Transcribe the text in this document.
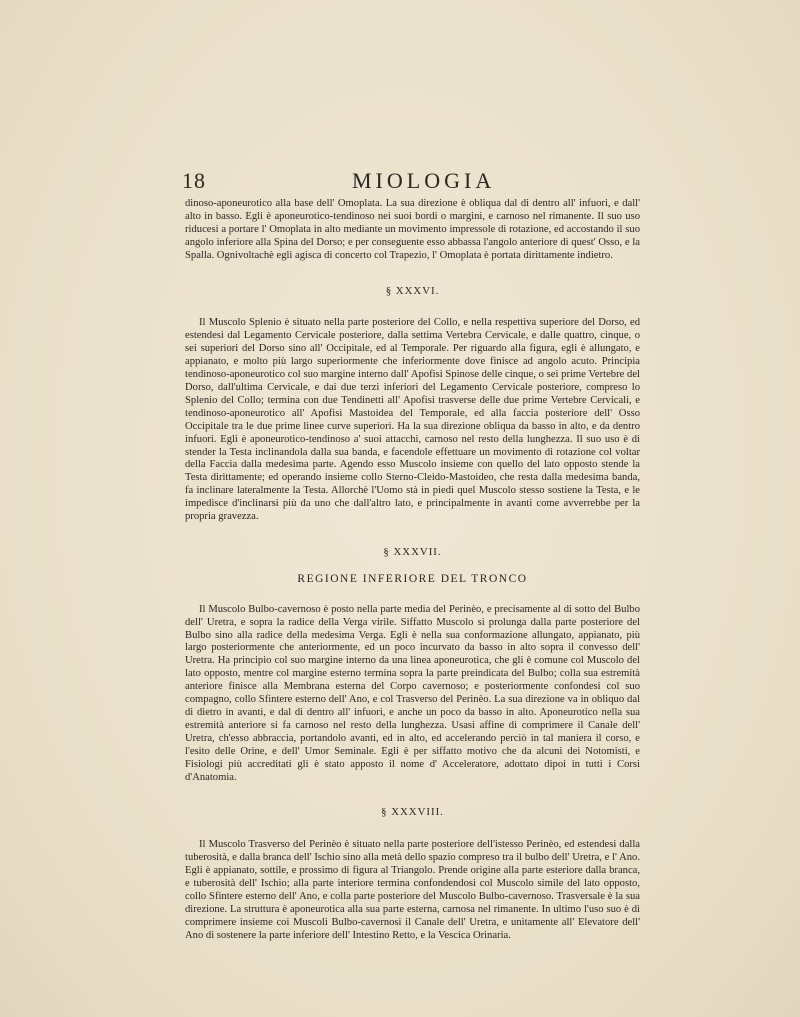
18	MIOLOGIA

dinoso-aponeurotico alla base dell' Omoplata. La sua direzione è obliqua dal di dentro all' infuori, e dall' alto in basso. Egli è aponeurotico-tendinoso nei suoi bordi o margini, e carnoso nel rimanente. Il suo uso riducesi a portare l' Omoplata in alto mediante un movimento impressole di rotazione, ed accostando il suo angolo inferiore alla Spina del Dorso; e per conseguente esso abbassa l'angolo anteriore di quest' Osso, e la Spalla. Ognivoltachè egli agisca di concerto col Trapezio, l' Omoplata è portata dirittamente indietro.

§ XXXVI.

Il Muscolo Splenio è situato nella parte posteriore del Collo, e nella respettiva superiore del Dorso, ed estendesi dal Legamento Cervicale posteriore, dalla settima Vertebra Cervicale, e dalle quattro, cinque, o sei superiori del Dorso sino all' Occipitale, ed al Temporale. Per riguardo alla figura, egli è allungato, e appianato, e molto più largo superiormente che inferiormente dove finisce ad angolo acuto. Principia tendinoso-aponeurotico col suo margine interno dall' Apofisi Spinose delle cinque, o sei prime Vertebre del Dorso, dall'ultima Cervicale, e dai due terzi inferiori del Legamento Cervicale posteriore, compreso lo Splenio del Collo; termina con due Tendinetti all' Apofisi trasverse delle due prime Vertebre Cervicali, e tendinoso-aponeurotico all' Apofisi Mastoidea del Temporale, ed alla faccia posteriore dell' Osso Occipitale tra le due prime linee curve superiori. Ha la sua direzione obliqua da basso in alto, e da dentro infuori. Egli è aponeurotico-tendinoso a' suoi attacchi, carnoso nel resto della lunghezza. Il suo uso è di stender la Testa inclinandola dalla sua banda, e facendole effettuare un movimento di rotazione col voltar della Faccia dalla medesima parte. Agendo esso Muscolo insieme con quello del lato opposto stende la Testa dirittamente; ed operando insieme collo Sterno-Cleido-Mastoideo, che resta dalla medesima banda, fa inclinare lateralmente la Testa. Allorchè l'Uomo stà in piedi quel Muscolo stesso sostiene la Testa, e le impedisce d'inclinarsi più da uno che dall'altro lato, e principalmente in avanti come avverrebbe per la propria gravezza.

§ XXXVII.
REGIONE INFERIORE DEL TRONCO

Il Muscolo Bulbo-cavernoso è posto nella parte media del Perinèo, e precisamente al di sotto del Bulbo dell' Uretra, e sopra la radice della Verga virile. Siffatto Muscolo si prolunga dalla parte posteriore del Bulbo sino alla radice della medesima Verga. Egli è nella sua conformazione allungato, appianato, più largo posteriormente che anteriormente, ed un poco incurvato da basso in alto sopra il convesso dell' Uretra. Ha principio col suo margine interno da una linea aponeurotica, che gli è comune col Muscolo del lato opposto, mentre col margine esterno termina sopra la parte preindicata del Bulbo; colla sua estremità anteriore finisce alla Membrana esterna del Corpo cavernoso; e posteriormente confondesi col suo compagno, collo Sfintere esterno dell' Ano, e col Trasverso del Perinèo. La sua direzione va in obliquo dal di dietro in avanti, e dal di dentro all' infuori, e anche un poco da basso in alto. Aponeurotico nella sua estremità anteriore si fa carnoso nel resto della lunghezza. Usasi affine di comprimere il Canale dell' Uretra, ch'esso abbraccia, portandolo avanti, ed in alto, ed accelerando perciò in tal maniera il corso, e l'esito delle Orine, e dell' Umor Seminale. Egli è per siffatto motivo che da alcuni dei Notomisti, e Fisiologi più accreditati gli è stato apposto il nome d' Acceleratore, adottato dipoi in tutti i Corsi d'Anatomia.

§ XXXVIII.

Il Muscolo Trasverso del Perinèo è situato nella parte posteriore dell'istesso Perinèo, ed estendesi dalla tuberosità, e dalla branca dell' Ischio sino alla metà dello spazio compreso tra il bulbo dell' Uretra, e l' Ano. Egli è appianato, sottile, e prossimo di figura al Triangolo. Prende origine alla parte esteriore dalla branca, e tuberosità dell' Ischio; alla parte interiore termina confondendosi col Muscolo simile del lato opposto, collo Sfintere esterno dell' Ano, e colla parte posteriore del Muscolo Bulbo-cavernoso. Trasversale è la sua direzione. La struttura è aponeurotica alla sua parte esterna, carnosa nel rimanente. In ultimo l'uso suo è di comprimere insieme coi Muscoli Bulbo-cavernosi il Canale dell' Uretra, e unitamente all' Elevatore dell' Ano di sostenere la parte inferiore dell' Intestino Retto, e la Vescica Orinaria.
